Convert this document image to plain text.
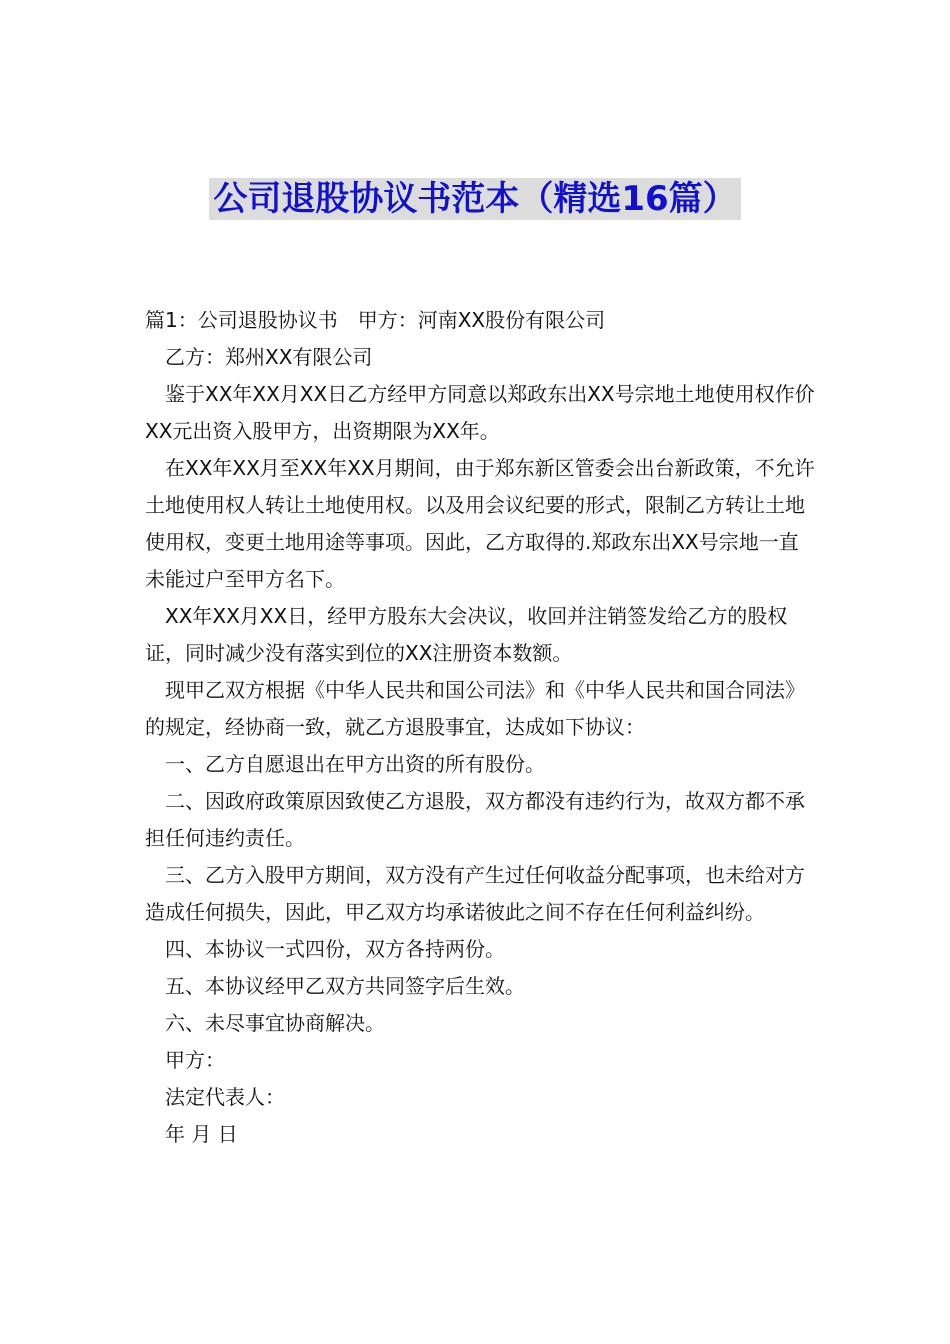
公司退股协议书范本（精选16篇）

篇1：公司退股协议书　甲方：河南XX股份有限公司

乙方：郑州XX有限公司

鉴于XX年XX月XX日乙方经甲方同意以郑政东出XX号宗地土地使用权作价XX元出资入股甲方，出资期限为XX年。

在XX年XX月至XX年XX月期间，由于郑东新区管委会出台新政策，不允许土地使用权人转让土地使用权。以及用会议纪要的形式，限制乙方转让土地使用权，变更土地用途等事项。因此，乙方取得的.郑政东出XX号宗地一直未能过户至甲方名下。

XX年XX月XX日，经甲方股东大会决议，收回并注销签发给乙方的股权证，同时减少没有落实到位的XX注册资本数额。

现甲乙双方根据《中华人民共和国公司法》和《中华人民共和国合同法》的规定，经协商一致，就乙方退股事宜，达成如下协议：

一、乙方自愿退出在甲方出资的所有股份。

二、因政府政策原因致使乙方退股，双方都没有违约行为，故双方都不承担任何违约责任。

三、乙方入股甲方期间，双方没有产生过任何收益分配事项，也未给对方造成任何损失，因此，甲乙双方均承诺彼此之间不存在任何利益纠纷。

四、本协议一式四份，双方各持两份。

五、本协议经甲乙双方共同签字后生效。

六、未尽事宜协商解决。

甲方：

法定代表人：

年 月 日
